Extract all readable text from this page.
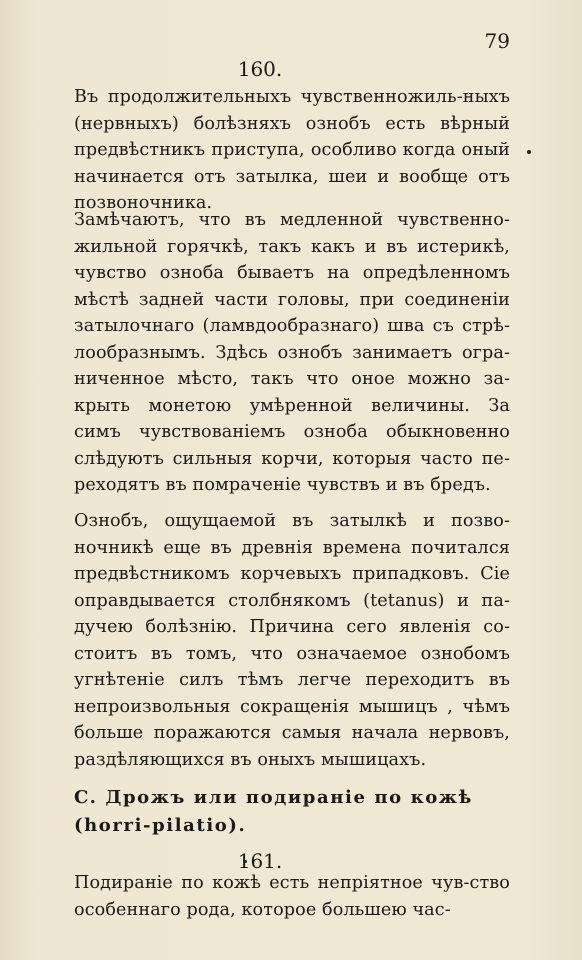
79
160.

Въ продолжительныхъ чувственножиль-ныхъ (нервныхъ) болѣзняхъ ознобъ есть вѣрный предвѣстникъ приступа, особливо когда оный начинается отъ затылка, шеи и вообще отъ позвоночника.

Замѣчаютъ, что въ медленной чувственно-жильной горячкѣ, такъ какъ и въ истерикѣ, чувство озноба бываетъ на опредѣленномъ мѣстѣ задней части головы, при соединеніи затылочнаго (ламвдообразнаго) шва съ стрѣ-лообразнымъ. Здѣсь ознобъ занимаетъ огра-ниченное мѣсто, такъ что оное можно за-крыть монетою умѣренной величины. За симъ чувствованіемъ озноба обыкновенно слѣдуютъ сильныя корчи, которыя часто пе-реходятъ въ помраченіе чувствъ и въ бредъ.

Ознобъ, ощущаемой въ затылкѣ и позво-ночникѣ еще въ древнія времена почитался предвѣстникомъ корчевыхъ припадковъ. Сіе оправдывается столбнякомъ (tetanus) и па-дучею болѣзнію. Причина сего явленія со-стоитъ въ томъ, что означаемое ознобомъ угнѣтеніе силъ тѣмъ легче переходитъ въ непроизвольныя сокращенія мышицъ , чѣмъ больше поражаются самыя начала нервовъ, раздѣляющихся въ оныхъ мышицахъ.

C. Дрожъ или подиранie по кожѣ (horri-pilatio).

161.

Подиранiе по кожѣ есть непрiятное чув-ство особеннаго рода, которое большею час-
